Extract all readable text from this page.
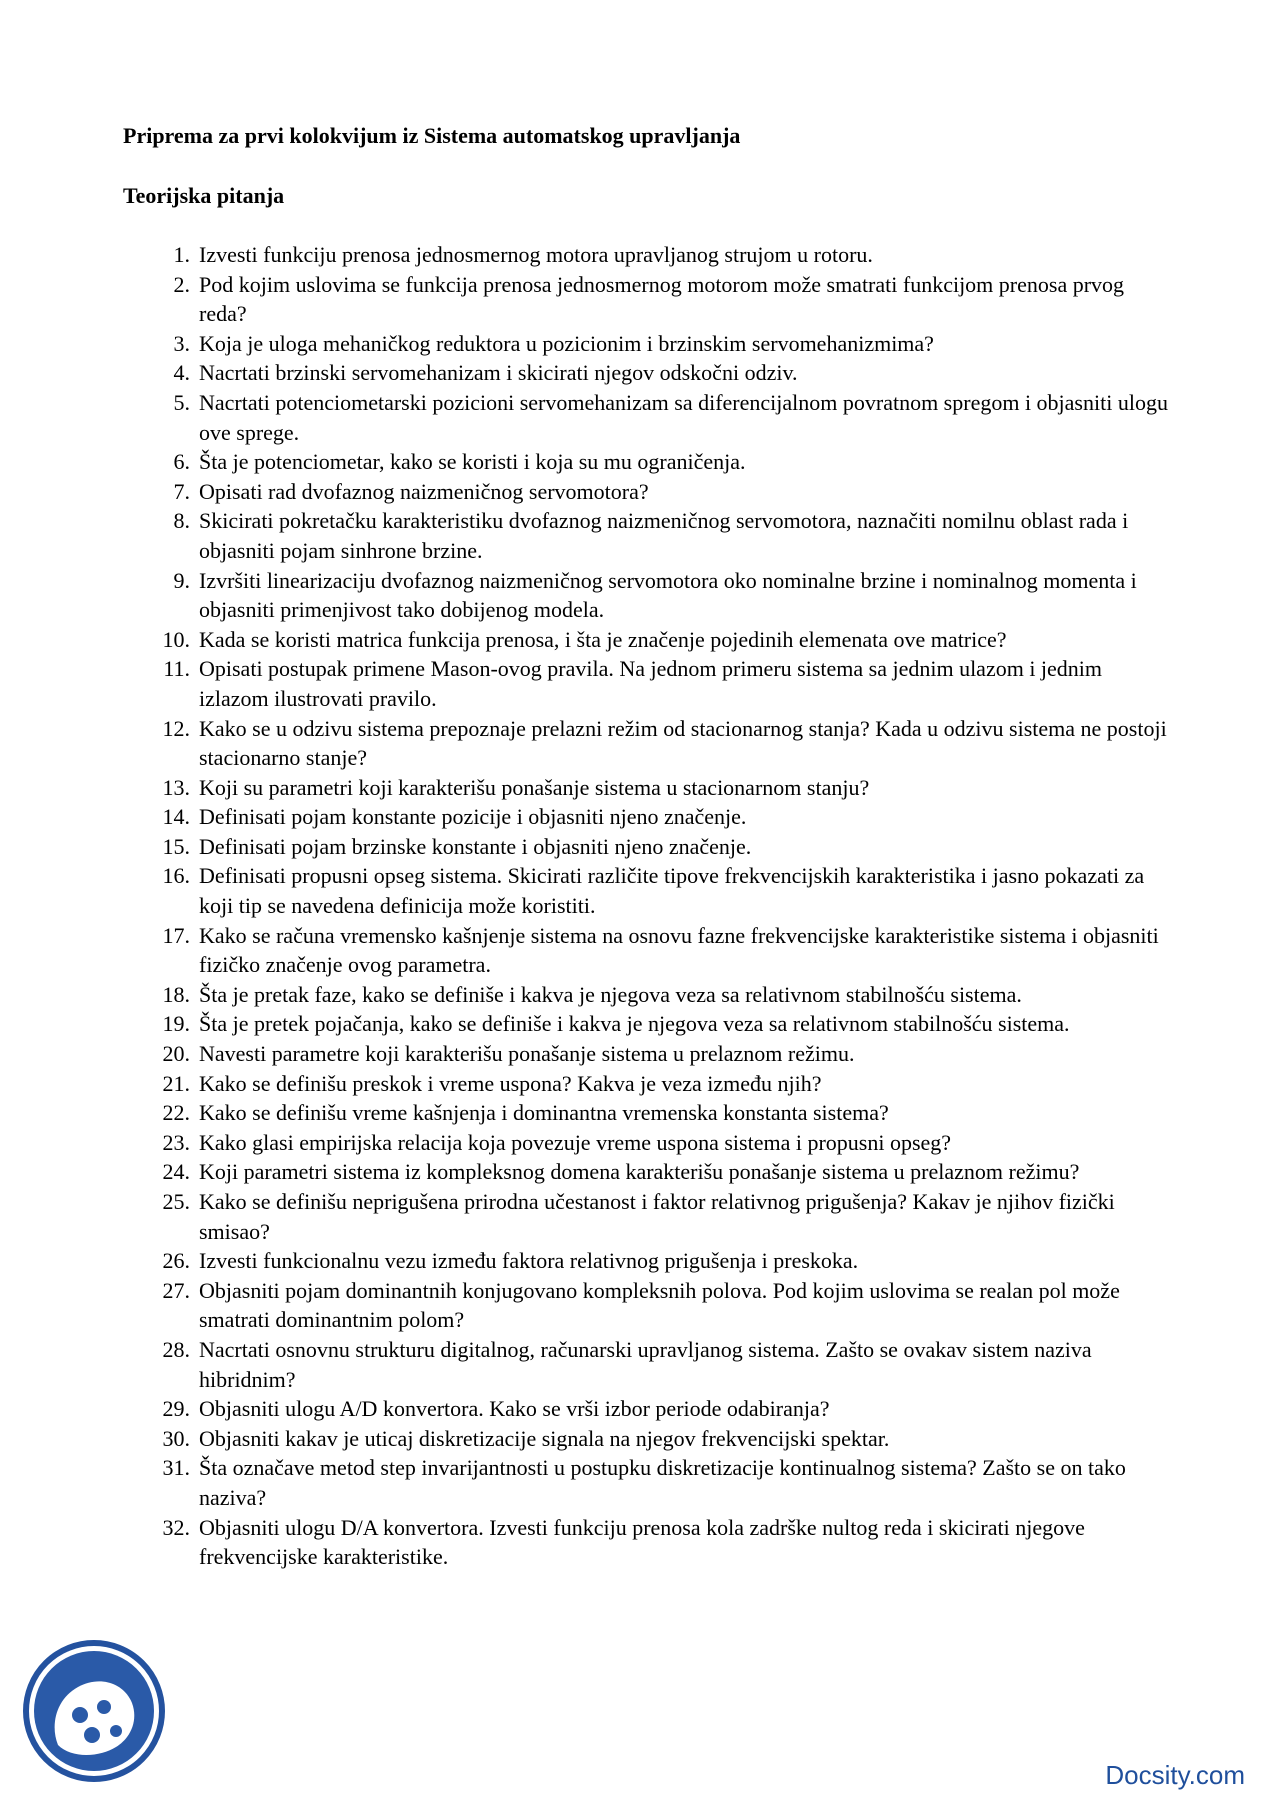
Priprema za prvi kolokvijum iz Sistema automatskog upravljanja
Teorijska pitanja
1. Izvesti funkciju prenosa jednosmernog motora upravljanog strujom u rotoru.
2. Pod kojim uslovima se funkcija prenosa jednosmernog motorom može smatrati funkcijom prenosa prvog reda?
3. Koja je uloga mehaničkog reduktora u pozicionim i brzinskim servomehanizmima?
4. Nacrtati brzinski servomehanizam i skicirati njegov odskočni odziv.
5. Nacrtati potenciometarski pozicioni servomehanizam sa diferencijalnom povratnom spregom i objasniti ulogu ove sprege.
6. Šta je potenciometar, kako se koristi i koja su mu ograničenja.
7. Opisati rad dvofaznog naizmeničnog servomotora?
8. Skicirati pokretačku karakteristiku dvofaznog naizmeničnog servomotora, naznačiti nomilnu oblast rada i objasniti pojam sinhrone brzine.
9. Izvršiti linearizaciju dvofaznog naizmeničnog servomotora oko nominalne brzine i nominalnog momenta i objasniti primenjivost tako dobijenog modela.
10. Kada se koristi matrica funkcija prenosa, i šta je značenje pojedinih elemenata ove matrice?
11. Opisati postupak primene Mason-ovog pravila. Na jednom primeru sistema sa jednim ulazom i jednim izlazom ilustrovati pravilo.
12. Kako se u odzivu sistema prepoznaje prelazni režim od stacionarnog stanja? Kada u odzivu sistema ne postoji stacionarno stanje?
13. Koji su parametri koji karakterišu ponašanje sistema u stacionarnom stanju?
14. Definisati pojam konstante pozicije i objasniti njeno značenje.
15. Definisati pojam brzinske konstante i objasniti njeno značenje.
16. Definisati propusni opseg sistema. Skicirati različite tipove frekvencijskih karakteristika i jasno pokazati za koji tip se navedena definicija može koristiti.
17. Kako se računa vremensko kašnjenje sistema na osnovu fazne frekvencijske karakteristike sistema i objasniti fizičko značenje ovog parametra.
18. Šta je pretak faze, kako se definiše i kakva je njegova veza sa relativnom stabilnošću sistema.
19. Šta je pretek pojačanja, kako se definiše i kakva je njegova veza sa relativnom stabilnošću sistema.
20. Navesti parametre koji karakterišu ponašanje sistema u prelaznom režimu.
21. Kako se definišu preskok i vreme uspona? Kakva je veza između njih?
22. Kako se definišu vreme kašnjenja i dominantna vremenska konstanta sistema?
23. Kako glasi empirijska relacija koja povezuje vreme uspona sistema i propusni opseg?
24. Koji parametri sistema iz kompleksnog domena karakterišu ponašanje sistema u prelaznom režimu?
25. Kako se definišu neprigušena prirodna učestanost i faktor relativnog prigušenja? Kakav je njihov fizički smisao?
26. Izvesti funkcionalnu vezu između faktora relativnog prigušenja i preskoka.
27. Objasniti pojam dominantnih konjugovano kompleksnih polova. Pod kojim uslovima se realan pol može smatrati dominantnim polom?
28. Nacrtati osnovnu strukturu digitalnog, računarski upravljanog sistema. Zašto se ovakav sistem naziva hibridnim?
29. Objasniti ulogu A/D konvertora. Kako se vrši izbor periode odabiranja?
30. Objasniti kakav je uticaj diskretizacije signala na njegov frekvencijski spektar.
31. Šta označave metod step invarijantnosti u postupku diskretizacije kontinualnog sistema? Zašto se on tako naziva?
32. Objasniti ulogu D/A konvertora. Izvesti funkciju prenosa kola zadrške nultog reda i skicirati njegove frekvencijske karakteristike.
Docsity.com
